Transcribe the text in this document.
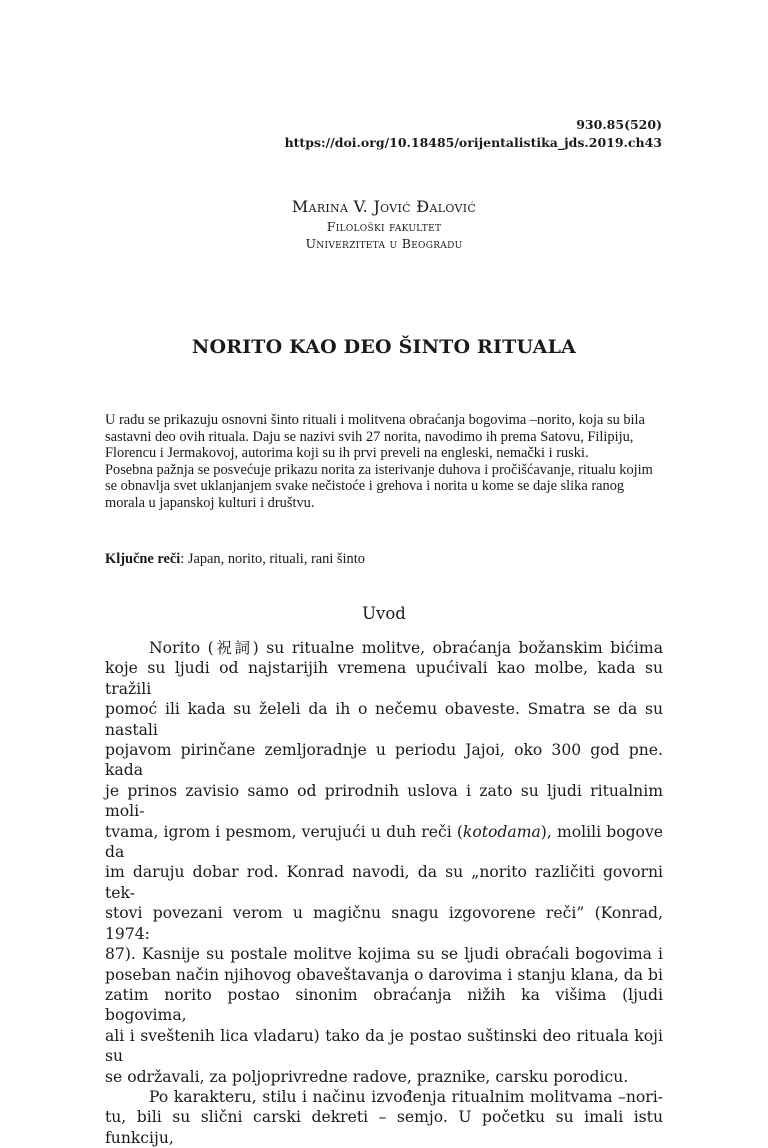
930.85(520)
https://doi.org/10.18485/orijentalistika_jds.2019.ch43
Marina V. Jović Đalović
Filološki fakultet
Univerziteta u Beogradu
NORITO KAO DEO ŠINTO RITUALA

U radu se prikazuju osnovni šinto rituali i molitvena obraćanja bogovima –norito, koja su bila sastavni deo ovih rituala. Daju se nazivi svih 27 norita, navodimo ih prema Satovu, Filipiju, Florencu i Jermakovoj, autorima koji su ih prvi preveli na engleski, nemački i ruski.

Posebna pažnja se posvećuje prikazu norita za isterivanje duhova i pročišćavanje, ritualu kojim se obnavlja svet uklanjanjem svake nečistoće i grehova i norita u kome se daje slika ranog morala u japanskoj kulturi i društvu.

Ključne reči: Japan, norito, rituali, rani šinto
Uvod
Norito (祝詞) su ritualne molitve, obraćanja božanskim bićima
koje su ljudi od najstarijih vremena upućivali kao molbe, kada su tražili
pomoć ili kada su želeli da ih o nečemu obaveste. Smatra se da su nastali
pojavom pirinčane zemljoradnje u periodu Jajoi, oko 300 god pne. kada
je prinos zavisio samo od prirodnih uslova i zato su ljudi ritualnim moli-
tvama, igrom i pesmom, verujući u duh reči (kotodama), molili bogove da
im daruju dobar rod. Konrad navodi, da su „norito različiti govorni tek-
stovi povezani verom u magičnu snagu izgovorene reči” (Konrad, 1974:
87). Kasnije su postale molitve kojima su se ljudi obraćali bogovima i
poseban način njihovog obaveštavanja o darovima i stanju klana, da bi
zatim norito postao sinonim obraćanja nižih ka višima (ljudi bogovima,
ali i sveštenih lica vladaru) tako da je postao suštinski deo rituala koji su
se održavali, za poljoprivredne radove, praznike, carsku porodicu.
Po karakteru, stilu i načinu izvođenja ritualnim molitvama –nori-
tu, bili su slični carski dekreti – semjo. U početku su imali istu funkciju,
